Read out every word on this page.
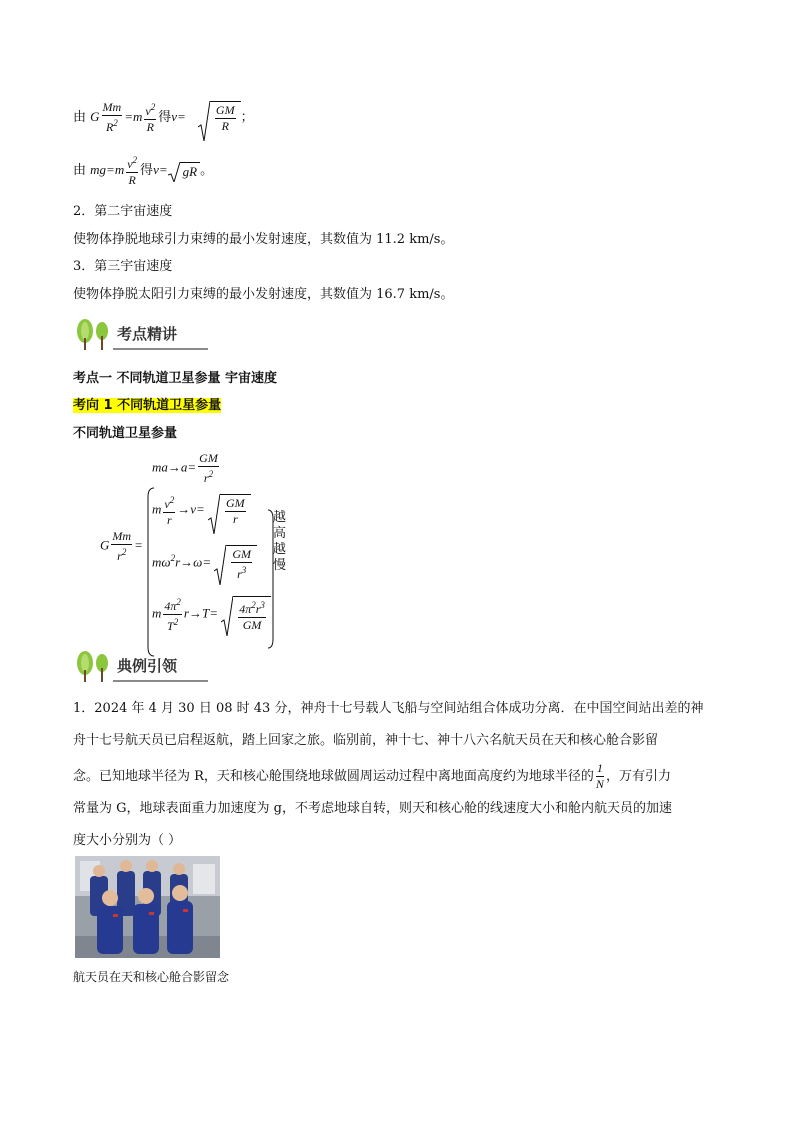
由 G $\frac{Mm}{R^2} =m \frac{v^2}{R}$ 得$v= \frac{GM}{R}$ ；
由 $mg=m \frac{v^2}{R}$ 得v= gR 。
2．第二宇宙速度
使物体挣脱地球引力束缚的最小发射速度，其数值为 11.2 km/s。
3．第三宇宙速度
使物体挣脱太阳引力束缚的最小发射速度，其数值为 16.7 km/s。
考点精讲
考点一 不同轨道卫星参量 宇宙速度
考向 1 不同轨道卫星参量
不同轨道卫星参量
G $\frac{Mm}{r^2}$ =
$ma\to a= \frac{GM}{r^2}$
m $\frac{v^2}{r} \to v= \frac{GM}{r}$
$m\omega^2r\to\omega= \frac{GM}{r^3}$
m $\frac{4\pi^2}{T^2} r\to T= \frac{4\pi^2r^3}{GM}$
越
高
越
慢
典例引领
1．2024 年 4 月 30 日 08 时 43 分，神舟十七号载人飞船与空间站组合体成功分离．在中国空间站出差的神
舟十七号航天员已启程返航，踏上回家之旅。临别前，神十七、神十八六名航天员在天和核心舱合影留
念。已知地球半径为 R，天和核心舱围绕地球做圆周运动过程中离地面高度约为地球半径的 $\frac{1}{N}$ ，万有引力
常量为 G，地球表面重力加速度为 g，不考虑地球自转，则天和核心舱的线速度大小和舱内航天员的加速
度大小分别为（ ）
航天员在天和核心舱合影留念
